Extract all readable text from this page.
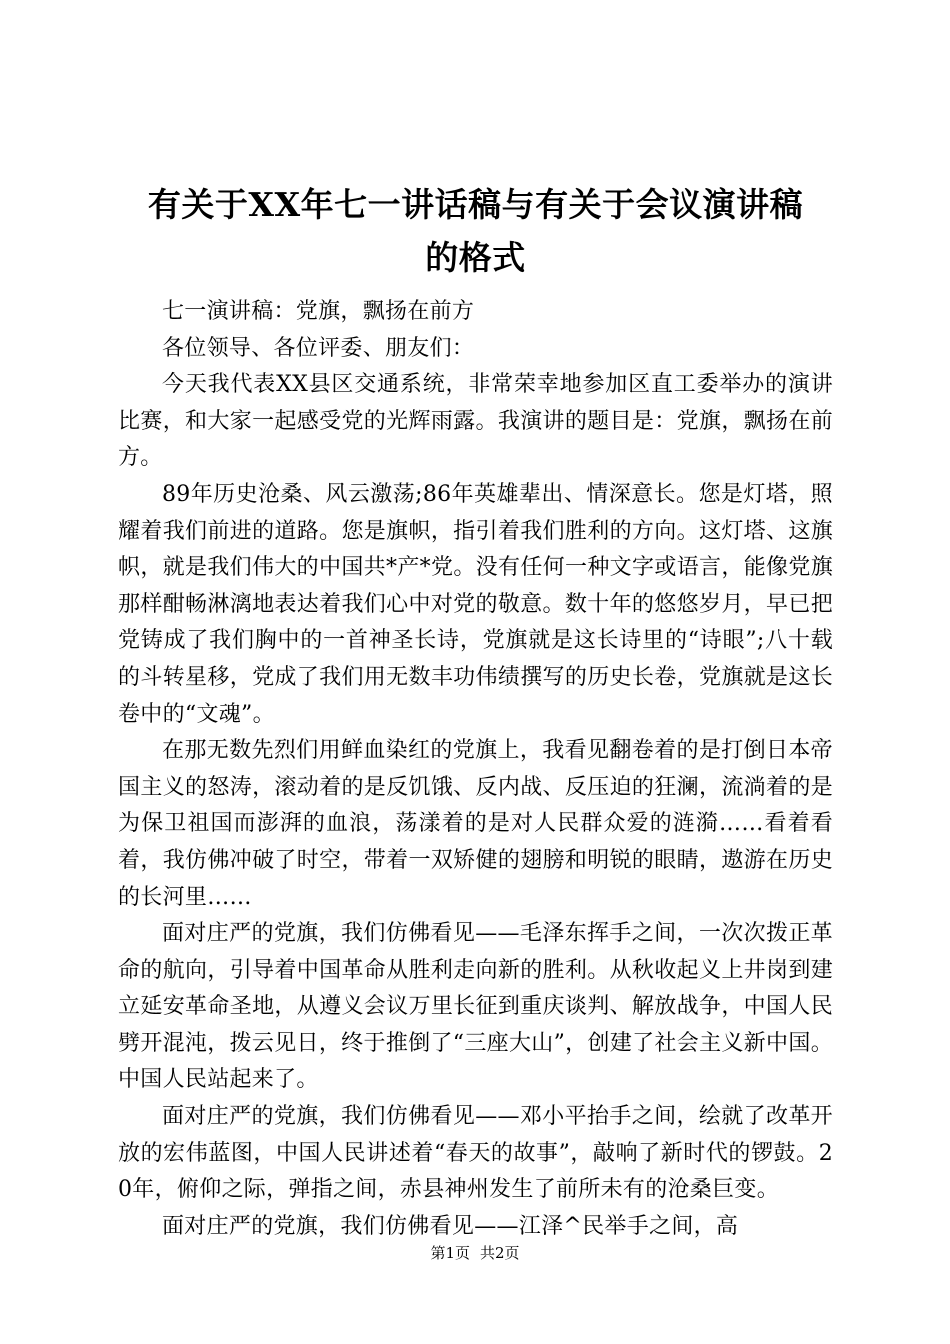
有关于XX年七一讲话稿与有关于会议演讲稿
的格式

七一演讲稿：党旗，飘扬在前方

各位领导、各位评委、朋友们：

今天我代表XX县区交通系统，非常荣幸地参加区直工委举办的演讲比赛，和大家一起感受党的光辉雨露。我演讲的题目是：党旗，飘扬在前方。

89年历史沧桑、风云激荡;86年英雄辈出、情深意长。您是灯塔，照耀着我们前进的道路。您是旗帜，指引着我们胜利的方向。这灯塔、这旗帜，就是我们伟大的中国共*产*党。没有任何一种文字或语言，能像党旗那样酣畅淋漓地表达着我们心中对党的敬意。数十年的悠悠岁月，早已把党铸成了我们胸中的一首神圣长诗，党旗就是这长诗里的“诗眼”;八十载的斗转星移，党成了我们用无数丰功伟绩撰写的历史长卷，党旗就是这长卷中的“文魂”。

在那无数先烈们用鲜血染红的党旗上，我看见翻卷着的是打倒日本帝国主义的怒涛，滚动着的是反饥饿、反内战、反压迫的狂澜，流淌着的是为保卫祖国而澎湃的血浪，荡漾着的是对人民群众爱的涟漪……看着看着，我仿佛冲破了时空，带着一双矫健的翅膀和明锐的眼睛，遨游在历史的长河里……

面对庄严的党旗，我们仿佛看见——毛泽东挥手之间，一次次拨正革命的航向，引导着中国革命从胜利走向新的胜利。从秋收起义上井岗到建立延安革命圣地，从遵义会议万里长征到重庆谈判、解放战争，中国人民劈开混沌，拨云见日，终于推倒了“三座大山”，创建了社会主义新中国。中国人民站起来了。

面对庄严的党旗，我们仿佛看见——邓小平抬手之间，绘就了改革开放的宏伟蓝图，中国人民讲述着“春天的故事”，敲响了新时代的锣鼓。20年，俯仰之际，弹指之间，赤县神州发生了前所未有的沧桑巨变。

面对庄严的党旗，我们仿佛看见——江泽^民举手之间，高

第1页 共2页
